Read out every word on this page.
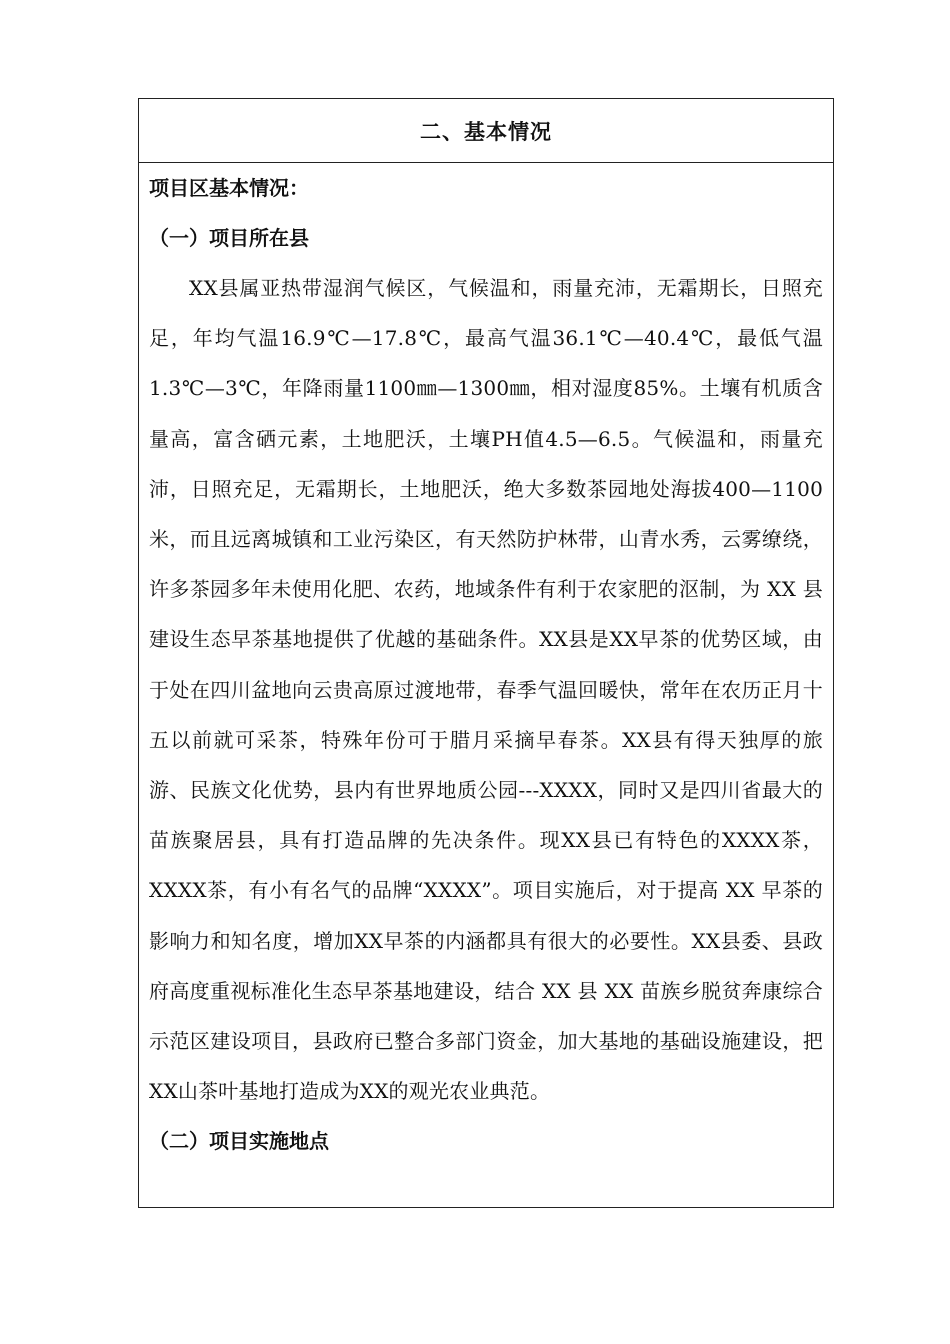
二、基本情况
项目区基本情况：
（一）项目所在县

XX县属亚热带湿润气候区，气候温和，雨量充沛，无霜期长，日照充足，年均气温16.9℃—17.8℃，最高气温36.1℃—40.4℃，最低气温1.3℃—3℃，年降雨量1100㎜—1300㎜，相对湿度85%。土壤有机质含量高，富含硒元素，土地肥沃，土壤PH值4.5—6.5。气候温和，雨量充沛，日照充足，无霜期长，土地肥沃，绝大多数茶园地处海拔400—1100米，而且远离城镇和工业污染区，有天然防护林带，山青水秀，云雾缭绕，许多茶园多年未使用化肥、农药，地域条件有利于农家肥的沤制，为 XX 县建设生态早茶基地提供了优越的基础条件。XX县是XX早茶的优势区域，由于处在四川盆地向云贵高原过渡地带，春季气温回暖快，常年在农历正月十五以前就可采茶，特殊年份可于腊月采摘早春茶。XX县有得天独厚的旅游、民族文化优势，县内有世界地质公园---XXXX，同时又是四川省最大的苗族聚居县，具有打造品牌的先决条件。现XX县已有特色的XXXX茶，XXXX茶，有小有名气的品牌“XXXX”。项目实施后，对于提高 XX 早茶的影响力和知名度，增加XX早茶的内涵都具有很大的必要性。XX县委、县政府高度重视标准化生态早茶基地建设，结合 XX 县 XX 苗族乡脱贫奔康综合示范区建设项目，县政府已整合多部门资金，加大基地的基础设施建设，把XX山茶叶基地打造成为XX的观光农业典范。

（二）项目实施地点
